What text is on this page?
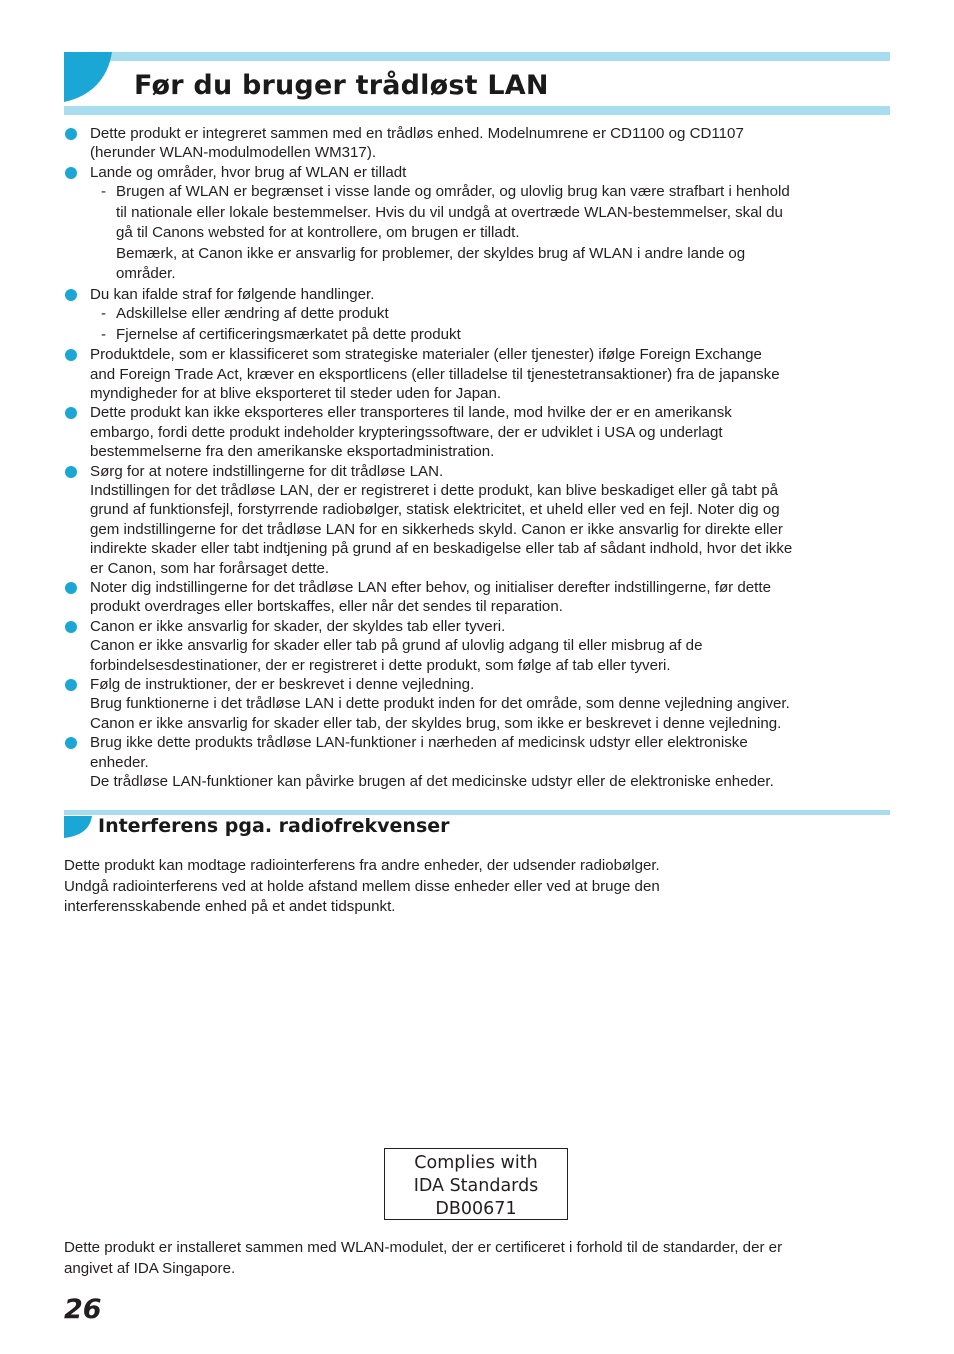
Før du bruger trådløst LAN
Dette produkt er integreret sammen med en trådløs enhed. Modelnumrene er CD1100 og CD1107
(herunder WLAN-modulmodellen WM317).
Lande og områder, hvor brug af WLAN er tilladt
- Brugen af WLAN er begrænset i visse lande og områder, og ulovlig brug kan være strafbart i henhold
til nationale eller lokale bestemmelser. Hvis du vil undgå at overtræde WLAN-bestemmelser, skal du
gå til Canons websted for at kontrollere, om brugen er tilladt.
Bemærk, at Canon ikke er ansvarlig for problemer, der skyldes brug af WLAN i andre lande og
områder.
Du kan ifalde straf for følgende handlinger.
- Adskillelse eller ændring af dette produkt
- Fjernelse af certificeringsmærkatet på dette produkt
Produktdele, som er klassificeret som strategiske materialer (eller tjenester) ifølge Foreign Exchange
and Foreign Trade Act, kræver en eksportlicens (eller tilladelse til tjenestetransaktioner) fra de japanske
myndigheder for at blive eksporteret til steder uden for Japan.
Dette produkt kan ikke eksporteres eller transporteres til lande, mod hvilke der er en amerikansk
embargo, fordi dette produkt indeholder krypteringssoftware, der er udviklet i USA og underlagt
bestemmelserne fra den amerikanske eksportadministration.
Sørg for at notere indstillingerne for dit trådløse LAN.
Indstillingen for det trådløse LAN, der er registreret i dette produkt, kan blive beskadiget eller gå tabt på
grund af funktionsfejl, forstyrrende radiobølger, statisk elektricitet, et uheld eller ved en fejl. Noter dig og
gem indstillingerne for det trådløse LAN for en sikkerheds skyld. Canon er ikke ansvarlig for direkte eller
indirekte skader eller tabt indtjening på grund af en beskadigelse eller tab af sådant indhold, hvor det ikke
er Canon, som har forårsaget dette.
Noter dig indstillingerne for det trådløse LAN efter behov, og initialiser derefter indstillingerne, før dette
produkt overdrages eller bortskaffes, eller når det sendes til reparation.
Canon er ikke ansvarlig for skader, der skyldes tab eller tyveri.
Canon er ikke ansvarlig for skader eller tab på grund af ulovlig adgang til eller misbrug af de
forbindelsesdestinationer, der er registreret i dette produkt, som følge af tab eller tyveri.
Følg de instruktioner, der er beskrevet i denne vejledning.
Brug funktionerne i det trådløse LAN i dette produkt inden for det område, som denne vejledning angiver.
Canon er ikke ansvarlig for skader eller tab, der skyldes brug, som ikke er beskrevet i denne vejledning.
Brug ikke dette produkts trådløse LAN-funktioner i nærheden af medicinsk udstyr eller elektroniske
enheder.
De trådløse LAN-funktioner kan påvirke brugen af det medicinske udstyr eller de elektroniske enheder.
Interferens pga. radiofrekvenser
Dette produkt kan modtage radiointerferens fra andre enheder, der udsender radiobølger.
Undgå radiointerferens ved at holde afstand mellem disse enheder eller ved at bruge den
interferensskabende enhed på et andet tidspunkt.
Complies with
IDA Standards
DB00671
Dette produkt er installeret sammen med WLAN-modulet, der er certificeret i forhold til de standarder, der er
angivet af IDA Singapore.

26
